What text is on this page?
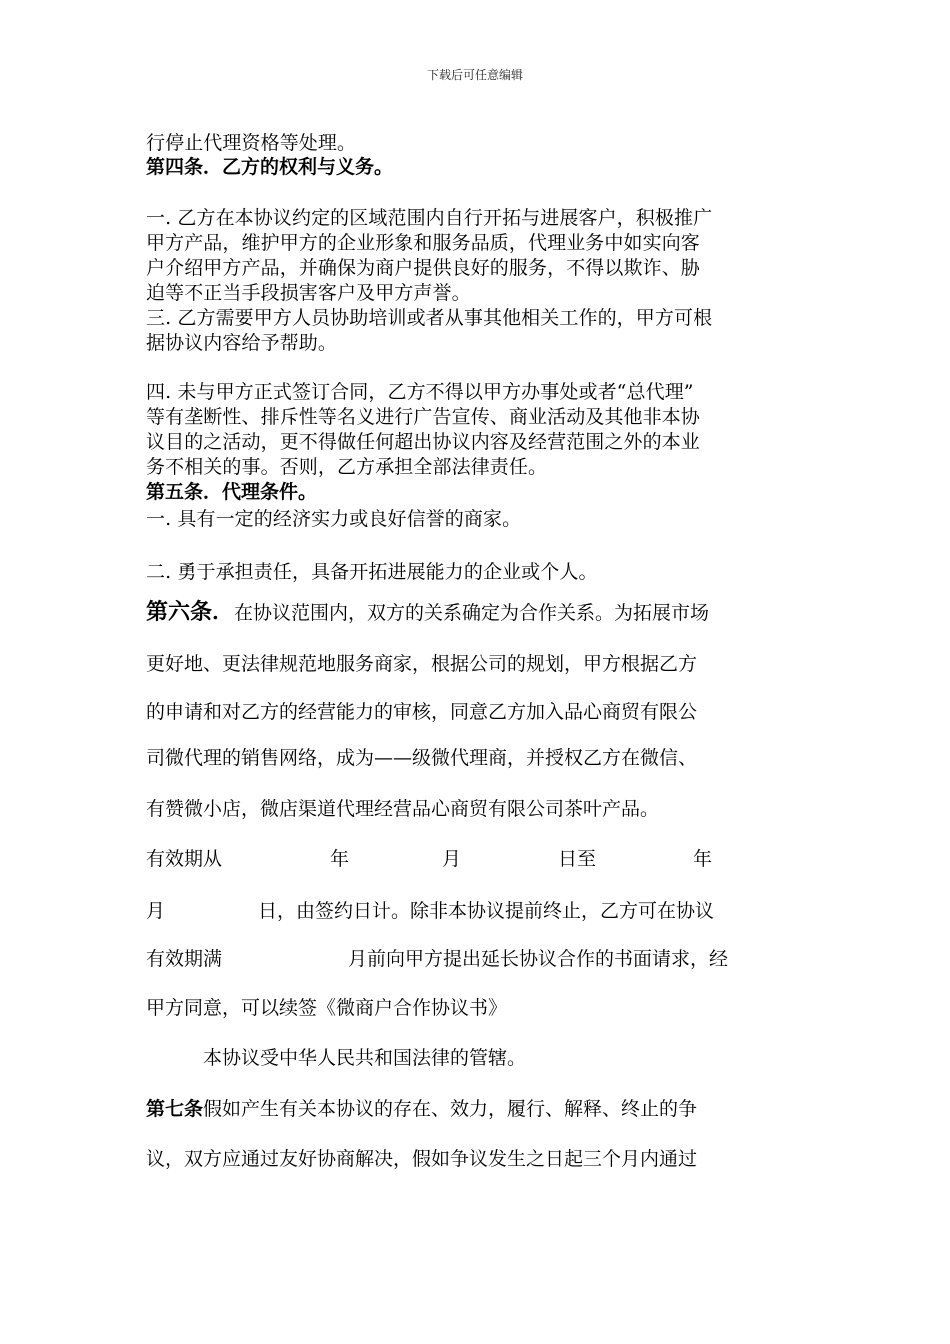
下载后可任意编辑
行停止代理资格等处理。
第四条．乙方的权利与义务。
一. 乙方在本协议约定的区域范围内自行开拓与进展客户，积极推广
甲方产品，维护甲方的企业形象和服务品质，代理业务中如实向客
户介绍甲方产品，并确保为商户提供良好的服务，不得以欺诈、胁
迫等不正当手段损害客户及甲方声誉。
三. 乙方需要甲方人员协助培训或者从事其他相关工作的，甲方可根
据协议内容给予帮助。
四. 未与甲方正式签订合同，乙方不得以甲方办事处或者“总代理”
等有垄断性、排斥性等名义进行广告宣传、商业活动及其他非本协
议目的之活动，更不得做任何超出协议内容及经营范围之外的本业
务不相关的事。否则，乙方承担全部法律责任。
第五条．代理条件。
一. 具有一定的经济实力或良好信誉的商家。
二. 勇于承担责任，具备开拓进展能力的企业或个人。
第六条．在协议范围内，双方的关系确定为合作关系。为拓展市场
更好地、更法律规范地服务商家，根据公司的规划，甲方根据乙方
的申请和对乙方的经营能力的审核，同意乙方加入品心商贸有限公
司微代理的销售网络，成为——级微代理商，并授权乙方在微信、
有赞微小店，微店渠道代理经营品心商贸有限公司茶叶产品。
有效期从	年	月	日至	年
月	日，由签约日计。除非本协议提前终止，乙方可在协议
有效期满	月前向甲方提出延长协议合作的书面请求，经
甲方同意，可以续签《微商户合作协议书》
本协议受中华人民共和国法律的管辖。
第七条假如产生有关本协议的存在、效力，履行、解释、终止的争
议，双方应通过友好协商解决，假如争议发生之日起三个月内通过
